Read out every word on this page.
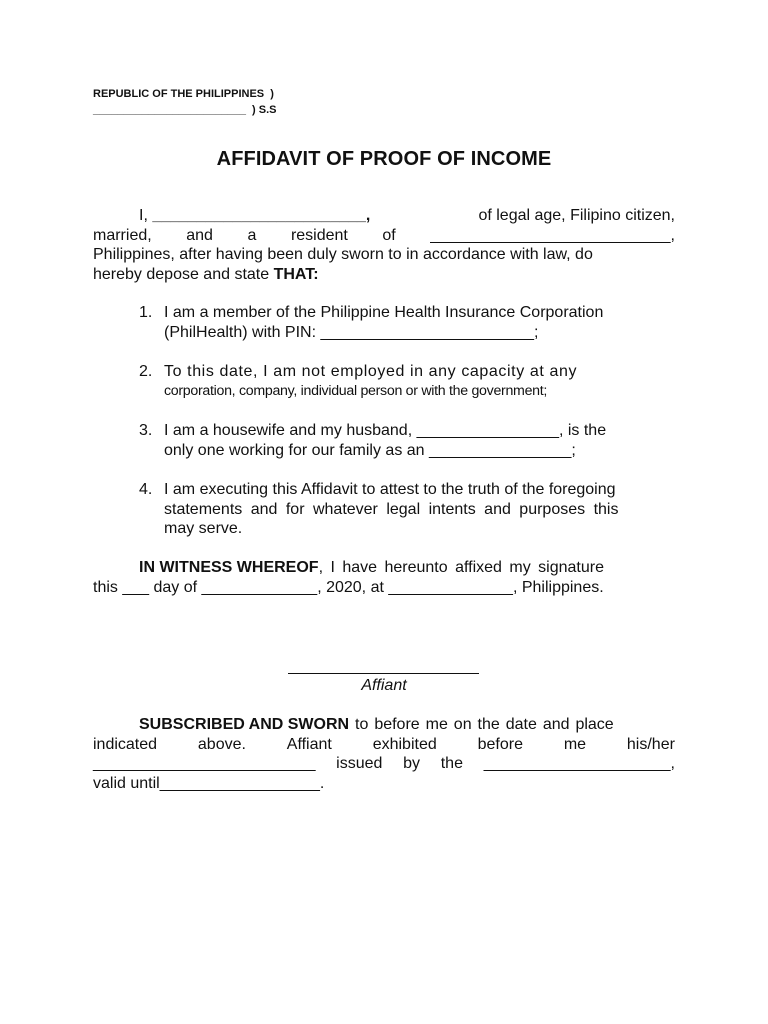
REPUBLIC OF THE PHILIPPINES  )
_________________________  ) S.S
AFFIDAVIT OF PROOF OF INCOME
I, ________________________,	of legal age, Filipino citizen,
married, and a resident of ___________________________,
Philippines, after having been duly sworn to in accordance with law, do
hereby depose and state THAT:
1. I am a member of the Philippine Health Insurance Corporation
(PhilHealth) with PIN: ________________________;
2. To this date, I am not employed in any capacity at any
corporation, company, individual person or with the government;
3. I am a housewife and my husband, ________________, is the
only one working for our family as an ________________;
4. I am executing this Affidavit to attest to the truth of the foregoing
statements and for whatever legal intents and purposes this
may serve.
IN WITNESS WHEREOF , I have hereunto affixed my signature
this ___ day of _____________, 2020, at ______________, Philippines.
Affiant
SUBSCRIBED AND SWORN to before me on the date and place
indicated	above.	Affiant	exhibited	before	me	his/her
_________________________ issued by the _____________________,
valid until__________________.
